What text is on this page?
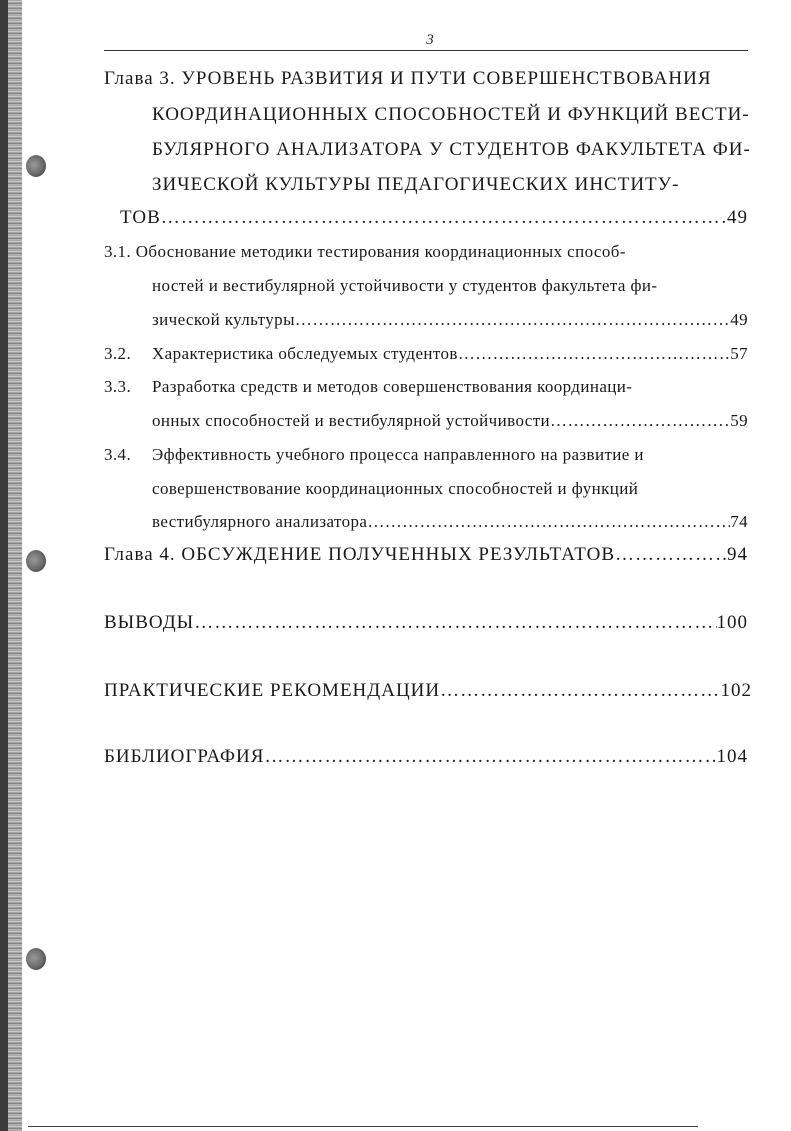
3
Глава 3. УРОВЕНЬ РАЗВИТИЯ И ПУТИ СОВЕРШЕНСТВОВАНИЯ
КООРДИНАЦИОННЫХ СПОСОБНОСТЕЙ И ФУНКЦИЙ ВЕСТИ-
БУЛЯРНОГО АНАЛИЗАТОРА У СТУДЕНТОВ ФАКУЛЬТЕТА ФИ-
ЗИЧЕСКОЙ КУЛЬТУРЫ ПЕДАГОГИЧЕСКИХ ИНСТИТУ-
ТОВ ………………………………………………………………………………………………………………………………………………………………………………	49
3.1. Обоснование методики тестирования координационных способ-
ностей и вестибулярной устойчивости у студентов факультета фи-
зической культуры ………………………………………………………………………………………………………………………………………………………………………………	49
3.2.	Характеристика обследуемых студентов ………………………………………………………………………………………………………………………………………………………………………………	57
3.3. Разработка средств и методов совершенствования координаци-
онных способностей и вестибулярной устойчивости ………………………………………………………………………………………………………………………………………………………………………………	59
3.4. Эффективность учебного процесса направленного на развитие и
совершенствование координационных способностей и функций
вестибулярного анализатора ………………………………………………………………………………………………………………………………………………………………………………	74
Глава 4. ОБСУЖДЕНИЕ ПОЛУЧЕННЫХ РЕЗУЛЬТАТОВ ………………………………………………………………………………………………………………………………………………………………………………	94
ВЫВОДЫ ………………………………………………………………………………………………………………………………………………………………………………	100
ПРАКТИЧЕСКИЕ РЕКОМЕНДАЦИИ ………………………………………………………………………………………………………………………………………………………………………………	102
БИБЛИОГРАФИЯ ………………………………………………………………………………………………………………………………………………………………………………	104
